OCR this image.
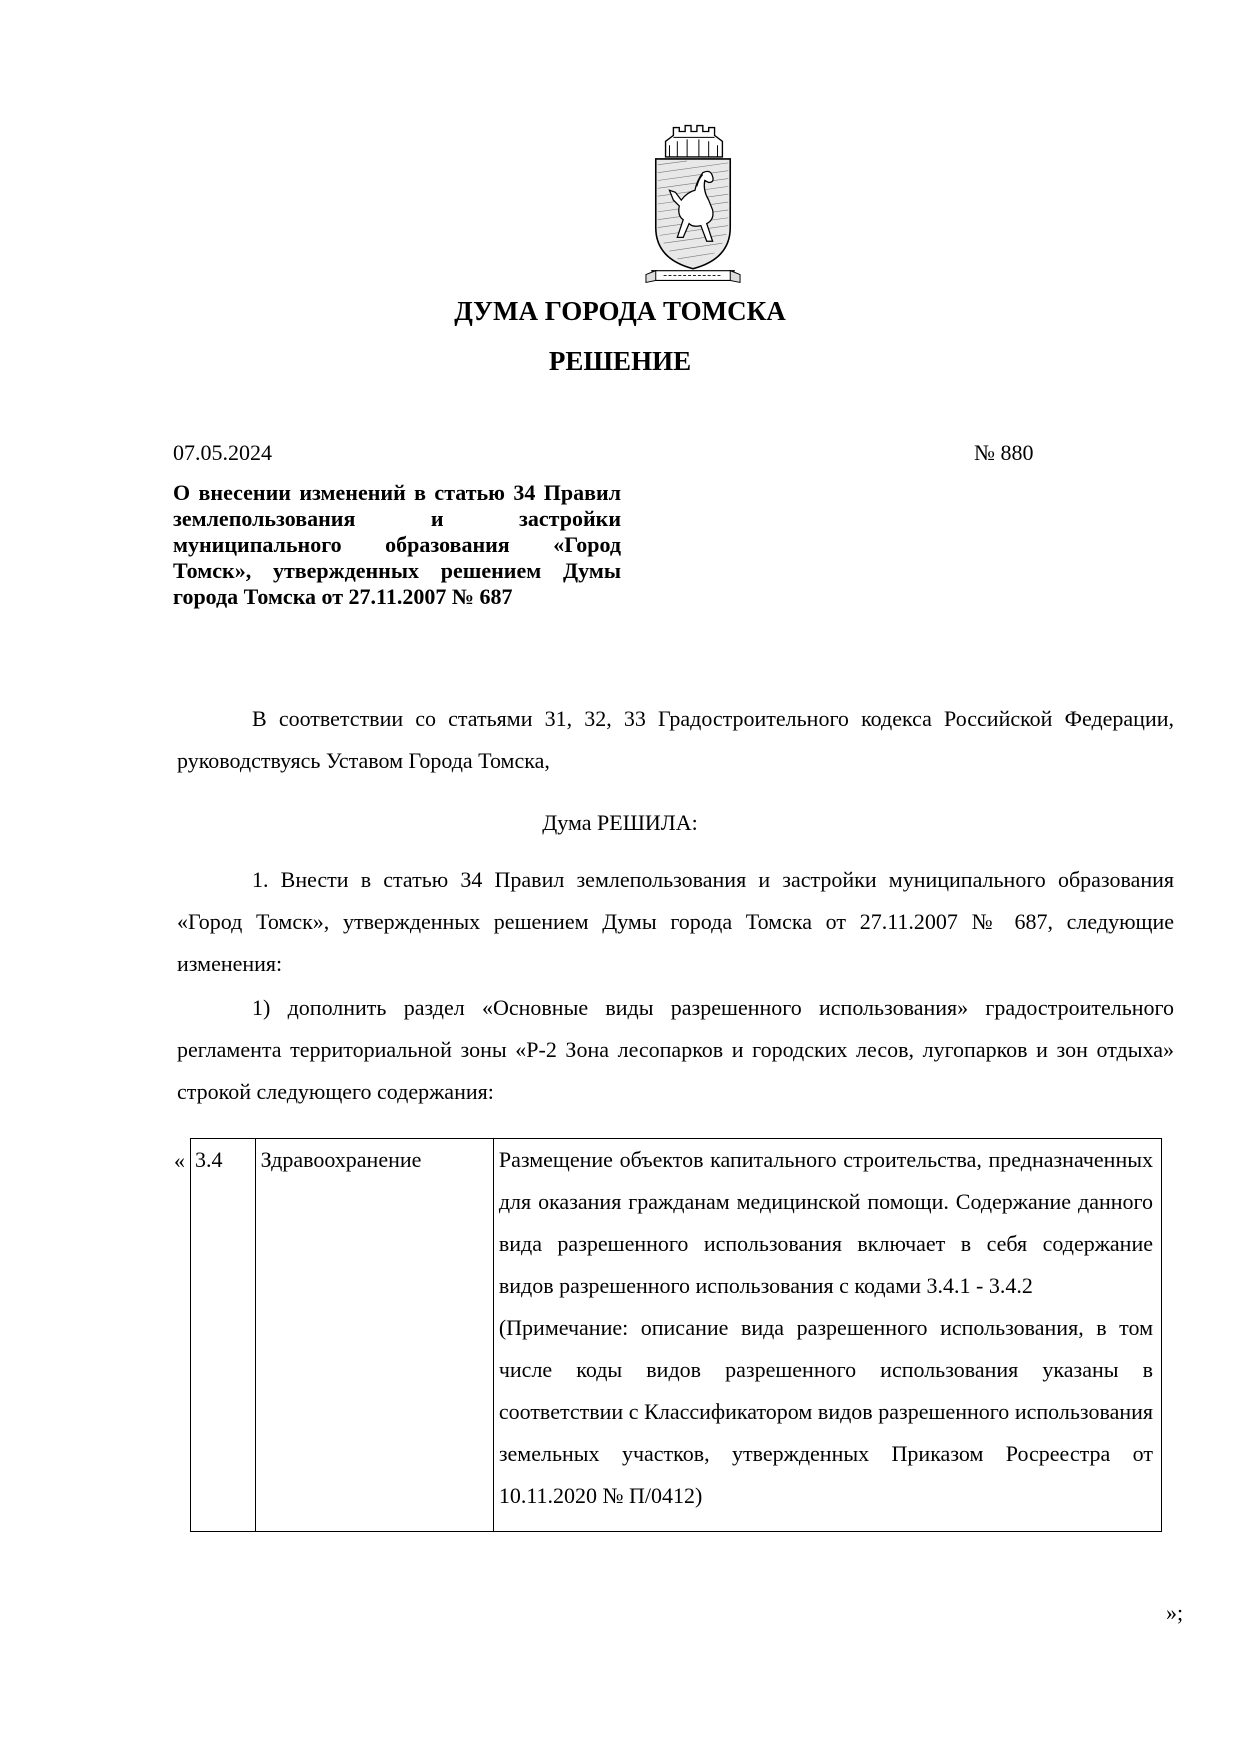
ДУМА ГОРОДА ТОМСКА
РЕШЕНИЕ
07.05.2024	№ 880
О внесении изменений в статью 34 Правил землепользования и застройки муниципального образования «Город Томск», утвержденных решением Думы города Томска от 27.11.2007 № 687

В соответствии со статьями 31, 32, 33 Градостроительного кодекса Российской Федерации, руководствуясь Уставом Города Томска,

Дума РЕШИЛА:

1. Внести в статью 34 Правил землепользования и застройки муниципального образования «Город Томск», утвержденных решением Думы города Томска от 27.11.2007 № 687, следующие изменения:

1) дополнить раздел «Основные виды разрешенного использования» градостроительного регламента территориальной зоны «Р-2 Зона лесопарков и городских лесов, лугопарков и зон отдыха» строкой следующего содержания:

« 3.4	Здравоохранение	Размещение объектов капитального строительства, предназначенных для оказания гражданам медицинской помощи. Содержание данного вида разрешенного использования включает в себя содержание видов разрешенного использования с кодами 3.4.1 - 3.4.2
(Примечание: описание вида разрешенного использования, в том числе коды видов разрешенного использования указаны в соответствии с Классификатором видов разрешенного использования земельных участков, утвержденных Приказом Росреестра от 10.11.2020 № П/0412)
»;
